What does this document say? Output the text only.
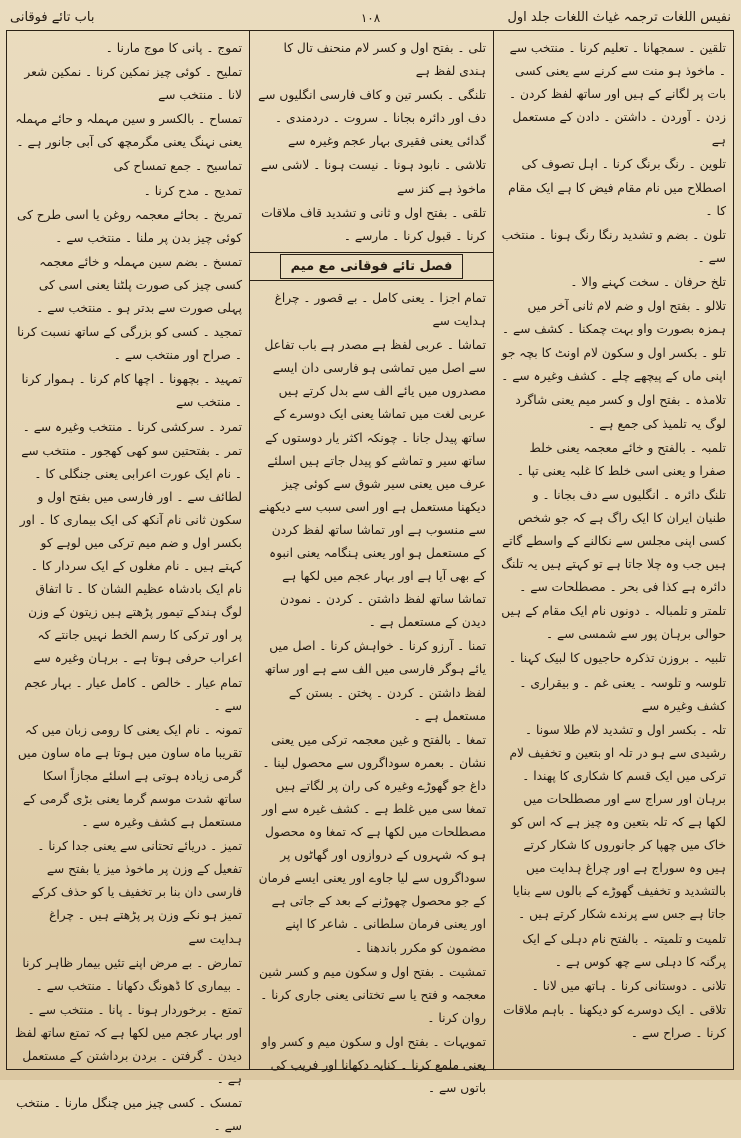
نفیس اللغات ترجمہ غیاث اللغات جلد اول
۱۰۸
باب تائے فوقانی
تلقین ۔ سمجھانا ۔ تعلیم کرنا ۔ منتخب سے ۔ ماخوذ ہو منت سے کرنے سے یعنی کسی بات پر لگانے کے ہیں اور ساتھ لفظ کردن ۔ زدن ۔ آوردن ۔ داشتن ۔ دادن کے مستعمل ہے
تلوین ۔ رنگ برنگ کرنا ۔ اہل تصوف کی اصطلاح میں نام مقام فیض کا ہے ایک مقام کا ۔
تلون ۔ بضم و تشدید رنگا رنگ ہونا ۔ منتخب سے ۔
تلخ حرفان ۔ سخت کہنے والا ۔
تلالو ۔ بفتح اول و ضم لام ثانی آخر میں ہمزہ بصورت واو بہت چمکنا ۔ کشف سے ۔
تلو ۔ بکسر اول و سکون لام اونٹ کا بچہ جو اپنی ماں کے پیچھے چلے ۔ کشف وغیرہ سے ۔
تلامذہ ۔ بفتح اول و کسر میم یعنی شاگرد لوگ یہ تلمیذ کی جمع ہے ۔
تلمبہ ۔ بالفتح و خائے معجمہ یعنی خلط صفرا و یعنی اسی خلط کا غلبہ یعنی تپا ۔
تلنگ دائرہ ۔ انگلیوں سے دف بجانا ۔ و طنیان ایران کا ایک راگ ہے کہ جو شخص کسی اپنی مجلس سے نکالنے کے واسطے گاتے ہیں جب وہ چلا جاتا ہے تو کہتے ہیں یہ تلنگ دائرہ ہے کذا فی بحر ۔ مصطلحات سے ۔
تلمتر و تلمبالہ ۔ دونوں نام ایک مقام کے ہیں حوالی برہان پور سے شمسی سے ۔
تلبیہ ۔ بروزن تذکرہ حاجیوں کا لبیک کہنا ۔
تلوسہ و تلوسہ ۔ یعنی غم ۔ و بیقراری ۔ کشف وغیرہ سے
تلہ ۔ بکسر اول و تشدید لام طلا سونا ۔ رشیدی سے ہو در تلہ او بتعین و تخفیف لام ترکی میں ایک قسم کا شکاری کا پھندا ۔ برہان اور سراج سے اور مصطلحات میں لکھا ہے کہ تلہ بتعین وہ چیز ہے کہ اس کو خاک میں چھپا کر جانوروں کا شکار کرتے ہیں وہ سوراج ہے اور چراغ ہدایت میں بالتشدید و تخفیف گھوڑے کے بالوں سے بنایا جاتا ہے جس سے پرندے شکار کرتے ہیں ۔
تلمیت و تلمیتہ ۔ بالفتح نام دہلی کے ایک پرگنہ کا دہلی سے چھ کوس ہے ۔
تلانی ۔ دوستانی کرنا ۔ ہاتھ میں لانا ۔
تلاقی ۔ ایک دوسرے کو دیکھنا ۔ باہم ملاقات کرنا ۔ صراح سے ۔
تلی ۔ بفتح اول و کسر لام منحنف تال کا ہندی لفظ ہے
تلنگی ۔ بکسر تین و کاف فارسی انگلیوں سے دف اور دائرہ بجانا ۔ سروت ۔ دردمندی ۔ گدائی یعنی فقیری بہار عجم وغیرہ سے
تلاشی ۔ نابود ہونا ۔ نیست ہونا ۔ لاشی سے ماخوذ ہے کنز سے
تلقی ۔ بفتح اول و ثانی و تشدید قاف ملاقات کرنا ۔ قبول کرنا ۔ مارسے ۔
فصل تائے فوقانی مع میم
تمام اجزا ۔ یعنی کامل ۔ بے قصور ۔ چراغ ہدایت سے
تماشا ۔ عربی لفظ ہے مصدر ہے باب تفاعل سے اصل میں تماشی ہو فارسی دان ایسے مصدروں میں یائے الف سے بدل کرتے ہیں عربی لغت میں تماشا یعنی ایک دوسرے کے ساتھ پیدل جانا ۔ چونکہ اکثر یار دوستوں کے ساتھ سیر و تماشے کو پیدل جاتے ہیں اسلئے عرف میں یعنی سیر شوق سے کوئی چیز دیکھنا مستعمل ہے اور اسی سبب سے دیکھنے سے منسوب ہے اور تماشا ساتھ لفظ کردن کے مستعمل ہو اور یعنی ہنگامہ یعنی انبوہ کے بھی آیا ہے اور بہار عجم میں لکھا ہے تماشا ساتھ لفظ داشتن ۔ کردن ۔ نمودن دیدن کے مستعمل ہے ۔
تمنا ۔ آرزو کرنا ۔ خواہش کرنا ۔ اصل میں یائے ہوگر فارسی میں الف سے ہے اور ساتھ لفظ داشتن ۔ کردن ۔ پختن ۔ بستن کے مستعمل ہے ۔
تمغا ۔ بالفتح و غین معجمہ ترکی میں یعنی نشان ۔ بعمرہ سوداگروں سے محصول لینا ۔ داغ جو گھوڑے وغیرہ کی ران پر لگاتے ہیں تمغا سی میں غلط ہے ۔ کشف غیرہ سے اور مصطلحات میں لکھا ہے کہ تمغا وہ محصول ہو کہ شہروں کے دروازوں اور گھاٹوں پر سوداگروں سے لیا جاوے اور یعنی ایسے فرمان کے جو محصول چھوڑنے کے بعد کے جاتی ہے اور یعنی فرمان سلطانی ۔ شاعر کا اپنے مضمون کو مکرر باندھنا ۔
تمشیت ۔ بفتح اول و سکون میم و کسر شین معجمہ و فتح یا سے تختانی یعنی جاری کرنا ۔ روان کرنا ۔
تمویہات ۔ بفتح اول و سکون میم و کسر واو یعنی ملمع کرنا ۔ کنایہ دکھانا اور فریب کی باتوں سے ۔
تموج ۔ پانی کا موج مارنا ۔
تملیح ۔ کوئی چیز نمکین کرنا ۔ نمکین شعر لانا ۔ منتخب سے
تمساح ۔ بالکسر و سین مہملہ و حائے مہملہ یعنی نہنگ یعنی مگرمچھ کی آبی جانور ہے ۔
تماسیح ۔ جمع تمساح کی
تمدیح ۔ مدح کرنا ۔
تمریخ ۔ بحائے معجمہ روغن یا اسی طرح کی کوئی چیز بدن پر ملنا ۔ منتخب سے ۔
تمسخ ۔ بضم سین مہملہ و خائے معجمہ کسی چیز کی صورت پلٹنا یعنی اسی کی پہلی صورت سے بدتر ہو ۔ منتخب سے ۔
تمجید ۔ کسی کو بزرگی کے ساتھ نسبت کرنا ۔ صراح اور منتخب سے ۔
تمہید ۔ بچھونا ۔ اچھا کام کرنا ۔ ہموار کرنا ۔ منتخب سے
تمرد ۔ سرکشی کرنا ۔ منتخب وغیرہ سے ۔
تمر ۔ بفتحتین سو کھی کھجور ۔ منتخب سے ۔ نام ایک عورت اعرابی یعنی جنگلی کا ۔ لطائف سے ۔ اور فارسی میں بفتح اول و سکون ثانی نام آنکھ کی ایک بیماری کا ۔ اور بکسر اول و ضم میم ترکی میں لوہے کو کہتے ہیں ۔ نام مغلوں کے ایک سردار کا ۔ نام ایک بادشاہ عظیم الشان کا ۔ تا اتفاق لوگ ہندکے تیمور پڑھتے ہیں زیتون کے وزن پر اور ترکی کا رسم الخط نہیں جانتے کہ اعراب حرفی ہوتا ہے ۔ برہان وغیرہ سے
تمام عیار ۔ خالص ۔ کامل عیار ۔ بہار عجم سے ۔
تمونہ ۔ نام ایک یعنی کا رومی زبان میں کہ تقریبا ماہ ساون میں ہوتا ہے ماہ ساون میں گرمی زیادہ ہوتی ہے اسلئے مجازاً اسکا ساتھ شدت موسم گرما یعنی بڑی گرمی کے مستعمل ہے کشف وغیرہ سے ۔
تمیز ۔ دریائے تحتانی سے یعنی جدا کرنا ۔ تفعیل کے وزن پر ماخوذ میز یا بفتح سے فارسی دان بنا بر تخفیف یا کو حذف کرکے تمیز ہو نکے وزن پر پڑھتے ہیں ۔ چراغ ہدایت سے
تمارض ۔ بے مرض اپنے تئیں بیمار ظاہر کرنا ۔ بیماری کا ڈھونگ دکھانا ۔ منتخب سے ۔
تمتع ۔ برخوردار ہونا ۔ پانا ۔ منتخب سے ۔ اور بہار عجم میں لکھا ہے کہ تمتع ساتھ لفظ دیدن ۔ گرفتن ۔ بردن برداشتن کے مستعمل ہے ۔
تمسک ۔ کسی چیز میں چنگل مارنا ۔ منتخب سے ۔
